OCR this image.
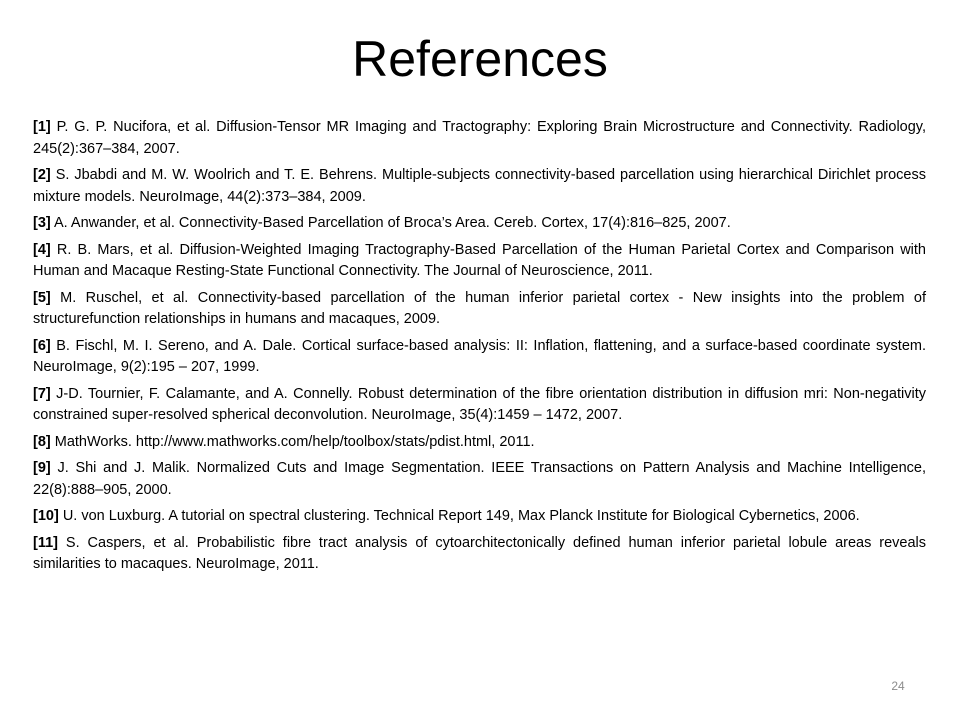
References
[1] P. G. P. Nucifora, et al. Diffusion-Tensor MR Imaging and Tractography: Exploring Brain Microstructure and Connectivity. Radiology, 245(2):367–384, 2007.
[2] S. Jbabdi and M. W. Woolrich and T. E. Behrens. Multiple-subjects connectivity-based parcellation using hierarchical Dirichlet process mixture models. NeuroImage, 44(2):373–384, 2009.
[3] A. Anwander, et al. Connectivity-Based Parcellation of Broca’s Area. Cereb. Cortex, 17(4):816–825, 2007.
[4] R. B. Mars, et al. Diffusion-Weighted Imaging Tractography-Based Parcellation of the Human Parietal Cortex and Comparison with Human and Macaque Resting-State Functional Connectivity. The Journal of Neuroscience, 2011.
[5] M. Ruschel, et al. Connectivity-based parcellation of the human inferior parietal cortex - New insights into the problem of structurefunction relationships in humans and macaques, 2009.
[6] B. Fischl, M. I. Sereno, and A. Dale. Cortical surface-based analysis: II: Inflation, flattening, and a surface-based coordinate system. NeuroImage, 9(2):195 – 207, 1999.
[7] J-D. Tournier, F. Calamante, and A. Connelly. Robust determination of the fibre orientation distribution in diffusion mri: Non-negativity constrained super-resolved spherical deconvolution. NeuroImage, 35(4):1459 – 1472, 2007.
[8] MathWorks. http://www.mathworks.com/help/toolbox/stats/pdist.html, 2011.
[9] J. Shi and J. Malik. Normalized Cuts and Image Segmentation. IEEE Transactions on Pattern Analysis and Machine Intelligence, 22(8):888–905, 2000.
[10] U. von Luxburg. A tutorial on spectral clustering. Technical Report 149, Max Planck Institute for Biological Cybernetics, 2006.
[11] S. Caspers, et al. Probabilistic fibre tract analysis of cytoarchitectonically defined human inferior parietal lobule areas reveals similarities to macaques. NeuroImage, 2011.
24
